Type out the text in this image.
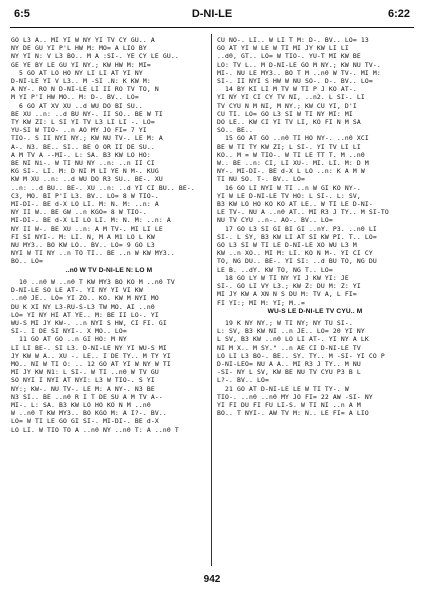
6:5	D-NI-LE	6:22
GO L3 A.. MI YI W NY YI TV CY GU.. A
NY DE GU YI P'L HW M: MO= A LIO BY
NY YI N: V L3 BO.. M A :SI-. YE CY LE GU..
GE YE BY LE GU YI NY.; KW HW M: MI=
5 GO AT LO HO NY LI LI AT YI NY
D-NI-LE YI V L3.. M -SI .N: K KW M:
A NY-. RO N D-NI-LE LI II RO TV TO, N
M YI P'I HW MO.. M: D-. BV.. LO=
6 GO AT XV XU ..d WU DO BI SU..
BE XU ..n: ..d BU NY-. II SO.. BE W TI
TY KW ZI: L SI YI TV L3 LI LI -. LO=
YU-SI W TIO- ..n AO MY JO FI= 7 YI
TIO-. S II NYI NY.; KW NU TV-. LE M: A
A-. N3. BE.. SI.. BE O OR II DE SU..
A M TV A --MI-. L: SA. B3 KW LO HO:
BE NI Ni-. W TI NU NY ..n: ..n II CI
KG SI-. LI. M: D NI M LI YE N M-. KUG
KW M XU ..n: ..d WU DO R3 SU.. BE-. XU
..n: ..d BU.. BE-. XU ..n: ..d YI CI BU.. BE-.
C3, MO. BI P'I L3. BV.. LO= 8 W TIO-.
MI-DI-. BE d-X LO LI. M: N. M: ..n: A
NY II W.. BE GW ..n KGO= 8 W TIO-.
MI-DI-. BE d-X LI LO LI. M: N. M: ..n: A
NY II W-. BE XU ..n: A M TV-. MI LI LE
FI SI NYI-. M: LI. N, M A M1 LO L KW
NU MY3.. BO KW LO.. BV.. LO= 9 GO L3
NYI W TI NY ..n TO TI.. BE ..n W KW MY3..
BO.. LO=
..n0 W TV D-NI-LE N: LO M
10 ..n0 W ..n0 T KW MY3 BO KO M ..n0 TV
D-NI-LE SO LE AT-. YI NY YI VI KW
..n0 JE.. LO= YI ZO.. KO. KW M NYI MO
DU K XI NY L3-RU-S-L3 TW MO. AI ..n0
LO= YI NY HI AT YE.. M: BE II LO-. YI
WU-S MI JY KW-. ..n NYI S HW, CI FI. GI
SI-. I DE SI NYI-. X MO.. LO=
11 GO AT GO ..n GI HO: M NY
LI LI BE-. SI L3. D-NI-LE NY YI WU-S MI
JY KW W A.. XU -. LE.. I DE TY.. M TY YI
MO.. NI W TI O: .. 12 GO AT YI W NY W TI
MI JY KW N1: L SI-. W TI ..n0 W TV GU
SO NYI I NYI AT NYI: L3 W TIO-. S YI
NY:; KW-. NU TV-. LE M: A NY-. N3 BE
N3 SI.. BE ..n0 R I T DE SU A M TV A--
MI-. L: SA. B3 KW LO HO KO N M ..n0
W ..n0 T KW MY3.. BO KGO M: A I?-. BV..
LO= W TI LE GO GI SI-. MI-DI-. BE d-X
LO LI. W TIO TO A ..n0 NY ..n0 T: A ..n0 T
CU NO-. LI.. W LI T M: D-. BV.. LO= 13
GO AT YI W LE W TI MI JY KW LI LI
..d0, GT.. LO= W TIO-. YU-T MI KW BE
LO: TV L.. M D-NI-LE GO M NY.; KW NU TV-.
MI-. NU LE MY3.. BO T M ..n0 W TV-. MI M:
SI-. II NYI S HW W NU SO-. D-. BV.. LO=
14 BY KI LI M TV W TI P J KO AT-.
YI NY YI CI CY TV NI, ..n2. L SI-. LI
TV CYU N M NI, M NY.; KW CU YI, D'I
CU TI. LO= GO L3 SI W TI NY MI: MI
DO LE.. KW CI YI TV LI, KO FI N M SA
SO.. BE..
15 GO AT GO ..n0 TI HO NY-. ..n0 XCI
BE W TI TY KW ZI; L SI-. YI TV LI LI
KO.. M = W TIO-. W TI LE TT T. M ..n0
W.. BE ..n: CI, LI XU-. MI. LI. M: D M
NY-. MI-DI-. BE d-X L LO ..n: K A M W
TI NU SO. T-. BV.. LO=
16 GO LI NYI W TI ..n W GI KO NY-.
YI W LE D-NI-LE TV HO: L SI-. L: SV,
B3 KW LO HO KO KO AT LE.. W TI LE D-NI-
LE TV-. NU A ..n0 AT.. MI R3 J TY.. M SI-TO
NU TV CYU ..n-. AO-. BV.. LO=
17 GO L3 SI GI BI GI ..nY. P3. ..n0 LI
SI-. L SY, B3 KW LI AT SI KW PI. T.. LO=
GO L3 SI W TI LE D-NI-LE XO WU L3 M
KW ..n XO.. MI M: LI. KO N M-. YI CI CY
TO, NG DU.. BE-. YI SI: ..d BU TO, NG DU
LE B. ..dY. KW TO, NG T.. LO=
18 GO LY W TI NY YI J KW YI: JE
SI-. GO LI VY L3.; KW Z: DU M: Z: YI
MI JY KW A XN N S DU M: TV A, L FI=
FI YI:; MI M: YI; M..=
WU-S LE D-NI-LE TV CYU.. M
19 K NY NY.; W TI NY; NY TU SI-.
L: SV, B3 KW NI ..n JE.. LO= 20 YI NY
L SV, B3 KW ..n0 LO LI AT-. YI NY A LK
NI M X.. M SY." ..n AE CI D-NI-LE TV
LO LI L3 BO-. BE.. SY. TY.. M -SI- YI CO P
D-NI-LEO= NU A A.. MI R3 J TY.. M NU
-SI- NY L SV, KW BE NU TV CYU P3 B L
L?-. BV.. LO=
21 GO AT D-NI-LE LE W TI TY-. W
TIO-. ..n0 ..n0 MY JO FI= 22 AW -SI- NY
YI FI DU FI FU LI-S. W TI NI ..n A M
BO.. T NYI-. AW TV M: N.. LE FI= A LIO
942
